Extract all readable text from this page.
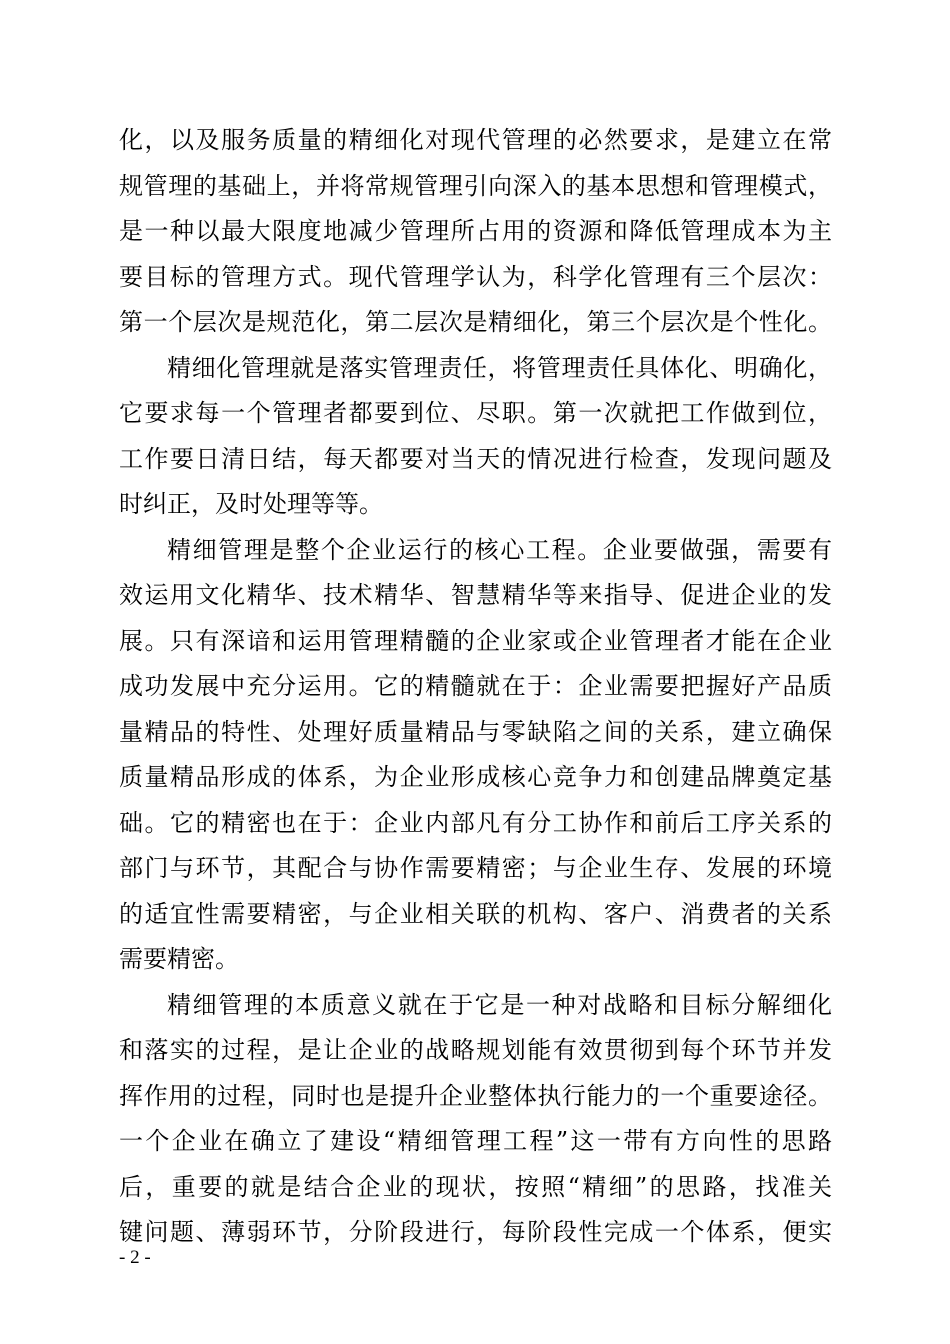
化，以及服务质量的精细化对现代管理的必然要求，是建立在常
规管理的基础上，并将常规管理引向深入的基本思想和管理模式，
是一种以最大限度地减少管理所占用的资源和降低管理成本为主
要目标的管理方式。现代管理学认为，科学化管理有三个层次：
第一个层次是规范化，第二层次是精细化，第三个层次是个性化。
精细化管理就是落实管理责任，将管理责任具体化、明确化，
它要求每一个管理者都要到位、尽职。第一次就把工作做到位，
工作要日清日结，每天都要对当天的情况进行检查，发现问题及
时纠正，及时处理等等。
精细管理是整个企业运行的核心工程。企业要做强，需要有
效运用文化精华、技术精华、智慧精华等来指导、促进企业的发
展。只有深谙和运用管理精髓的企业家或企业管理者才能在企业
成功发展中充分运用。它的精髓就在于：企业需要把握好产品质
量精品的特性、处理好质量精品与零缺陷之间的关系，建立确保
质量精品形成的体系，为企业形成核心竞争力和创建品牌奠定基
础。它的精密也在于：企业内部凡有分工协作和前后工序关系的
部门与环节，其配合与协作需要精密；与企业生存、发展的环境
的适宜性需要精密，与企业相关联的机构、客户、消费者的关系
需要精密。
精细管理的本质意义就在于它是一种对战略和目标分解细化
和落实的过程，是让企业的战略规划能有效贯彻到每个环节并发
挥作用的过程，同时也是提升企业整体执行能力的一个重要途径。
一个企业在确立了建设“精细管理工程”这一带有方向性的思路
后，重要的就是结合企业的现状，按照“精细”的思路，找准关
键问题、薄弱环节，分阶段进行，每阶段性完成一个体系，便实
- 2 -
